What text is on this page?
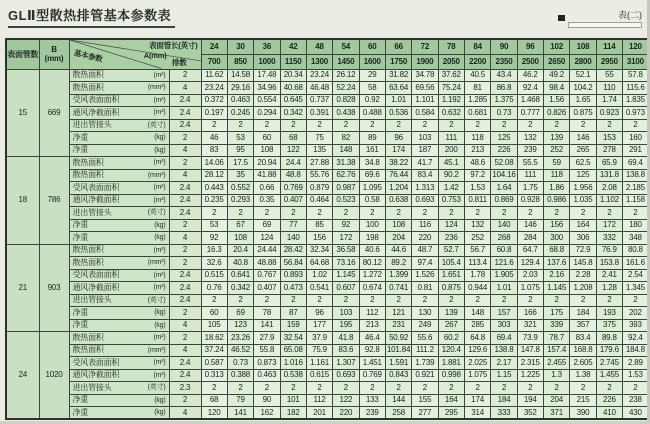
GLⅡ型散热排管基本参数表	表(二)
表面管数

B
(mm)

表面管长(英寸)
A(mm)
排数
基本参数
	24	30	36	42	48	54	60	66	72	78	84	90	96	102	108	114	120
				700	850	1000	1150	1300	1450	1600	1750	1900	2050	2200	2350	2500	2650	2800	2950	3100
15	669	散热面积 (m²)	2	11.62	14.58	17.48	20.34	23.24	26.12	29	31.82	34.78	37.62	40.5	43.4	46.2	49.2	52.1	55	57.8

		散热面积 (mm²)	4	23.24	29.16	34.96	40.68	46.48	52.24	58	63.64	69.56	75.24	81	86.8	92.4	98.4	104.2	110	115.6

		受风表面面积 (m²)	2.4	0.372	0.463	0.554	0.645	0.737	0.828	0.92	1.01	1.101	1.192	1.285	1.375	1.468	1.56	1.65	1.74	1.835

		通风净截面积 (m²)	2.4	0.197	0.245	0.294	0.342	0.391	0.438	0.488	0.536	0.584	0.632	0.681	0.73	0.777	0.826	0.875	0.923	0.973

		进出管接头 (英寸)	2.4	2	2	2	2	2	2	2	2	2	2	2	2	2	2	2	2	2

		净重 (kg)	2	46	53	60	68	75	82	89	96	103	111	118	125	132	139	146	153	160

		净重 (kg)	4	83	95	108	122	135	148	161	174	187	200	213	226	239	252	265	278	291
18	786	散热面积 (m²)	2	14.06	17.5	20.94	24.4	27.88	31.38	34.8	38.22	41.7	45.1	48.6	52.08	55.5	59	62.5	65.9	69.4

		散热面积 (mm²)	4	28.12	35	41.88	48.8	55.76	62.76	69.6	76.44	83.4	90.2	97.2	104.16	111	118	125	131.8	138.8

		受风表面面积 (m²)	2.4	0.443	0.552	0.66	0.769	0.879	0.987	1.095	1.204	1.313	1.42	1.53	1.64	1.75	1.86	1.956	2.08	2.185

		通风净截面积 (m²)	2.4	0.235	0.293	0.35	0.407	0.464	0.523	0.58	0.638	0.693	0.753	0.811	0.869	0.928	0.986	1.035	1.102	1.158

		进出管接头 (英寸)	2.4	2	2	2	2	2	2	2	2	2	2	2	2	2	2	2	2	2

		净重 (kg)	2	53	67	69	77	85	92	100	108	116	124	132	140	146	156	164	172	180

		净重 (kg)	4	92	108	124	140	156	172	198	204	220	236	252	268	284	300	306	332	348
21	903	散热面积 (m²)	2	16.3	20.4	24.44	28.42	32.34	36.58	40.6	44.6	48.7	52.7	56.7	60.8	64.7	68.8	72.9	76.9	80.8

		散热面积 (mm²)	2	32.6	40.8	48.88	56.84	64.68	73.16	80.12	89.2	97.4	105.4	113.4	121.6	129.4	137.6	145.8	153.8	161.6

		受风表面面积 (m²)	2.4	0.515	0.641	0.767	0.893	1.02	1.145	1.272	1.399	1.526	1.651	1.78	1.905	2.03	2.16	2.28	2.41	2.54

		通风净截面积 (m²)	2.4	0.76	0.342	0.407	0.473	0.541	0.607	0.674	0.741	0.81	0.875	0.944	1.01	1.075	1.145	1.208	1.28	1.345

		进出管接头 (英寸)	2.4	2	2	2	2	2	2	2	2	2	2	2	2	2	2	2	2	2

		净重 (kg)	2	60	69	78	87	96	103	112	121	130	139	148	157	166	175	184	193	202

		净重 (kg)	4	105	123	141	159	177	195	213	231	249	267	285	303	321	339	357	375	393
24	1020	散热面积 (m²)	2	18.62	23.26	27.9	32.54	37.9	41.8	46.4	50.92	55.6	60.2	64.8	69.4	73.9	78.7	83.4	89.8	92.4

		散热面积 (mm²)	4	37.24	46.52	55.8	65.08	75.9	83.6	92.8	101.84	111.2	120.4	129.6	138.8	147.8	157.4	168.8	179.6	184.8

		受风表面面积 (m²)	2.4	0.587	0.73	0.873	1.016	1.161	1.307	1.451	1.591	1.739	1.881	2.025	2.17	2.315	2.455	2.605	2.745	2.89

		通风净截面积 (m²)	2.4	0.313	0.388	0.463	0.538	0.615	0.693	0.769	0.843	0.921	0.998	1.075	1.15	1.225	1.3	1.38	1.455	1.53

		进出管接头 (英寸)	2.3	2	2	2	2	2	2	2	2	2	2	2	2	2	2	2	2	2

		净重 (kg)	2	68	79	90	101	112	122	133	144	155	164	174	184	194	204	215	226	238

		净重 (kg)	4	120	141	162	182	201	220	239	258	277	295	314	333	352	371	390	410	430
